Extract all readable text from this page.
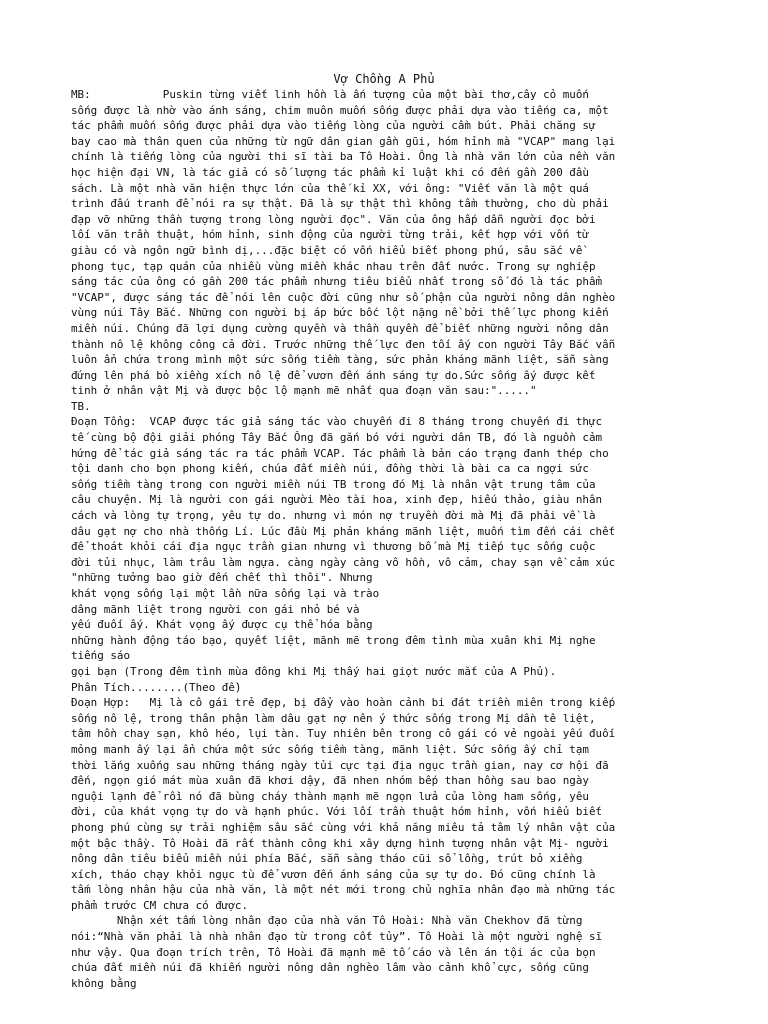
Vợ Chồng A Phủ
MB:           Puskin từng viết linh hồn là ấn tượng của một bài thơ,cây cỏ muốn
sống được là nhờ vào ánh sáng, chim muôn muốn sống được phải dựa vào tiếng ca, một
tác phẩm muốn sống được phải dựa vào tiếng lòng của người cầm bút. Phải chăng sự
bay cao mà thân quen của những từ ngữ dân gian gần gũi, hóm hỉnh mà "VCAP" mang lại
chính là tiếng lòng của người thi sĩ tài ba Tô Hoài. Ông là nhà văn lớn của nền văn
học hiện đại VN, là tác giả có số lượng tác phẩm kỉ luật khi có đến gần 200 đầu
sách. Là một nhà văn hiện thực lớn của thế kỉ XX, với ông: "Viết văn là một quá
trình đấu tranh để nói ra sự thật. Đã là sự thật thì không tầm thường, cho dù phải
đạp vỡ những thần tượng trong lòng người đọc". Văn của ông hấp dẫn người đọc bởi
lối văn trần thuật, hóm hỉnh, sinh động của người từng trải, kết hợp với vốn từ
giàu có và ngôn ngữ bình dị,...đặc biệt có vốn hiểu biết phong phú, sâu sắc về
phong tục, tạp quán của nhiều vùng miền khác nhau trên đất nước. Trong sự nghiệp
sáng tác của ông có gần 200 tác phẩm nhưng tiêu biểu nhất trong số đó là tác phẩm
"VCAP", được sáng tác để nói lên cuộc đời cũng như số phận của người nông dân nghèo
vùng núi Tây Bắc. Những con người bị áp bức bốc lột nặng nề bởi thế lực phong kiến
miền núi. Chúng đã lợi dụng cường quyền và thần quyền để biết những người nông dân
thành nô lệ không công cả đời. Trước những thế lực đen tối ấy con người Tây Bắc vẫn
luôn ẩn chứa trong mình một sức sống tiềm tàng, sức phản kháng mãnh liệt, sẵn sàng
đứng lên phá bỏ xiềng xích nô lệ để vươn đến ánh sáng tự do.Sức sống ấy được kết
tinh ở nhân vật Mị và được bộc lộ mạnh mẽ nhất qua đoạn văn sau:"....."
TB.
Đoạn Tổng:  VCAP được tác giả sáng tác vào chuyến đi 8 tháng trong chuyến đi thực
tế cùng bộ đội giải phóng Tây Bắc Ông đã gắn bó với người dân TB, đó là nguồn cảm
hứng để tác giả sáng tác ra tác phẩm VCAP. Tác phẩm là bản cáo trạng đanh thép cho
tội danh cho bọn phong kiến, chúa đất miền núi, đồng thời là bài ca ca ngợi sức
sống tiềm tàng trong con người miền núi TB trong đó Mị là nhân vật trung tâm của
câu chuyện. Mị là người con gái người Mèo tài hoa, xinh đẹp, hiếu thảo, giàu nhân
cách và lòng tự trọng, yêu tự do. nhưng vì món nợ truyền đời mà Mị đã phải về là
dâu gạt nợ cho nhà thống Lí. Lúc đầu Mị phản kháng mãnh liệt, muốn tìm đến cái chết
để thoát khỏi cái địa ngục trần gian nhưng vì thương bố mà Mị tiếp tục sống cuộc
đời tủi nhục, làm trâu làm ngựa. càng ngày càng vô hồn, vô cảm, chay sạn về cảm xúc
"những tưởng bao giờ đến chết thì thôi". Nhưng
khát vọng sống lại một lần nữa sống lại và trào
dâng mãnh liệt trong người con gái nhỏ bé và
yếu đuối ấy. Khát vọng ấy được cụ thể hóa bằng
những hành động táo bạo, quyết liệt, mãnh mẽ trong đêm tình mùa xuân khi Mị nghe
tiếng sáo
gọi bạn (Trong đêm tình mùa đông khi Mị thấy hai giọt nước mắt của A Phủ).
Phân Tích........(Theo đề)
Đoạn Hợp:   Mị là cô gái trẻ đẹp, bị đẩy vào hoàn cảnh bi đát triền miên trong kiếp
sống nô lệ, trong thân phận làm dâu gạt nợ nên ý thức sống trong Mị dần tê liệt,
tâm hồn chay sạn, khô héo, lụi tàn. Tuy nhiên bên trong cô gái có vẻ ngoài yếu đuối
mỏng manh ấy lại ẩn chứa một sức sống tiềm tàng, mãnh liệt. Sức sống ấy chỉ tạm
thời lắng xuống sau những tháng ngày tủi cực tại địa ngục trần gian, nay cơ hội đã
đến, ngọn gió mát mùa xuân đã khơi dậy, đã nhen nhóm bếp than hồng sau bao ngày
nguội lạnh để rồi nó đã bùng cháy thành mạnh mẽ ngọn lửa của lòng ham sống, yêu
đời, của khát vọng tự do và hạnh phúc. Với lối trần thuật hóm hỉnh, vốn hiểu biết
phong phú cùng sự trải nghiệm sâu sắc cùng với khả năng miêu tả tâm lý nhân vật của
một bậc thầy. Tô Hoài đã rất thành công khi xây dựng hình tượng nhân vật Mị- người
nông dân tiêu biểu miền núi phía Bắc, sẵn sàng tháo cũi sổ lồng, trút bỏ xiềng
xích, tháo chạy khỏi ngục tù để vươn đến ánh sáng của sự tự do. Đó cũng chính là
tấm lòng nhân hậu của nhà văn, là một nét mới trong chủ nghĩa nhân đạo mà những tác
phẩm trước CM chưa có được.
Nhận xét tấm lòng nhân đạo của nhà văn Tô Hoài: Nhà văn Chekhov đã từng
nói:“Nhà văn phải là nhà nhân đạo từ trong cốt tủy”. Tô Hoài là một người nghệ sĩ
như vậy. Qua đoạn trích trên, Tô Hoài đã mạnh mẽ tố cáo và lên án tội ác của bọn
chúa đất miền núi đã khiến người nông dân nghèo lâm vào cảnh khổ cực, sống cũng
không bằng
